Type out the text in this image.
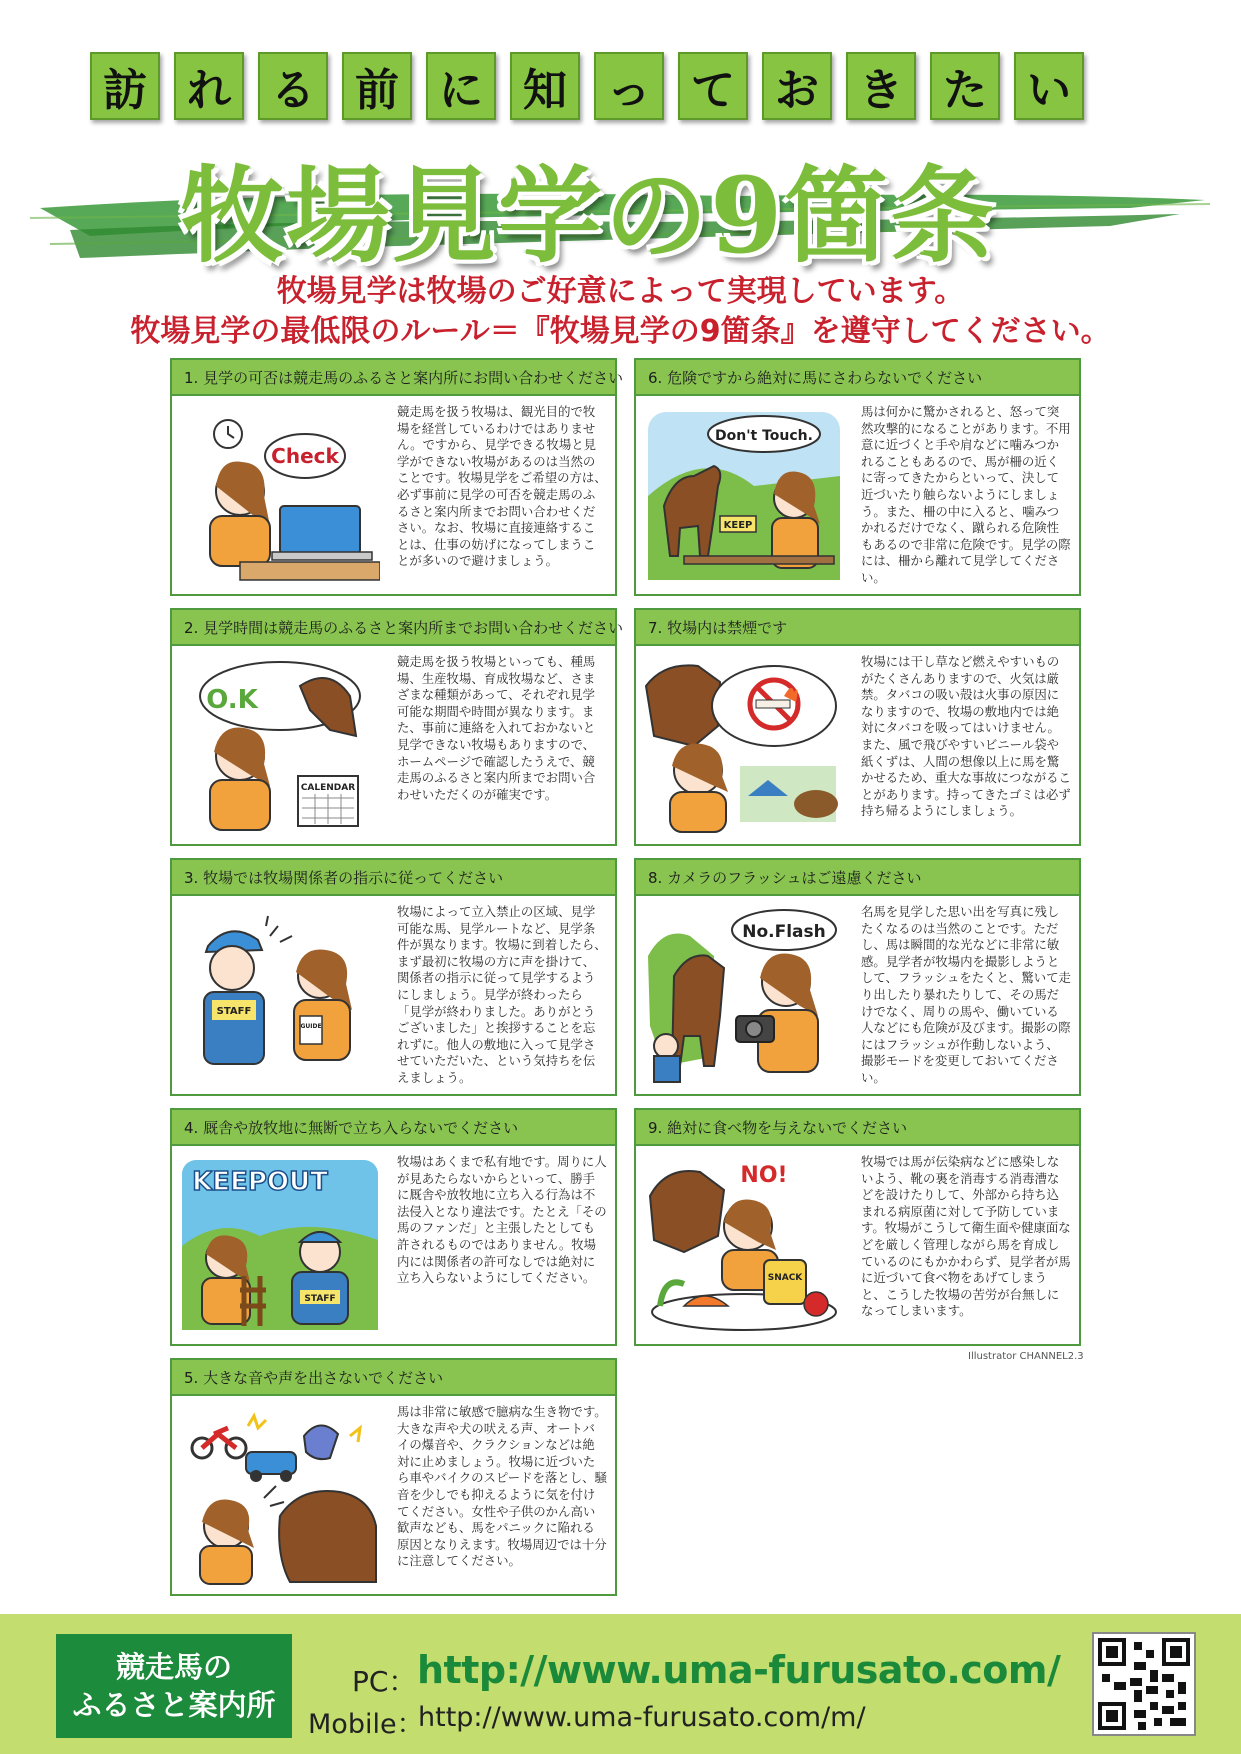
訪 れ る 前 に 知 っ て お き た い
牧場見学の9箇条
牧場見学は牧場のご好意によって実現しています。
牧場見学の最低限のルール＝『牧場見学の9箇条』を遵守してください。
1. 見学の可否は競走馬のふるさと案内所にお問い合わせください
Check
競走馬を扱う牧場は、観光目的で牧場を経営しているわけではありません。ですから、見学できる牧場と見学ができない牧場があるのは当然のことです。牧場見学をご希望の方は、必ず事前に見学の可否を競走馬のふるさと案内所までお問い合わせください。なお、牧場に直接連絡することは、仕事の妨げになってしまうことが多いので避けましょう。
6. 危険ですから絶対に馬にさわらないでください
Don't Touch.
KEEP
馬は何かに驚かされると、怒って突然攻撃的になることがあります。不用意に近づくと手や肩などに噛みつかれることもあるので、馬が柵の近くに寄ってきたからといって、決して近づいたり触らないようにしましょう。また、柵の中に入ると、噛みつかれるだけでなく、蹴られる危険性もあるので非常に危険です。見学の際には、柵から離れて見学してください。
2. 見学時間は競走馬のふるさと案内所までお問い合わせください
O.K
CALENDAR
競走馬を扱う牧場といっても、種馬場、生産牧場、育成牧場など、さまざまな種類があって、それぞれ見学可能な期間や時間が異なります。また、事前に連絡を入れておかないと見学できない牧場もありますので、ホームページで確認したうえで、競走馬のふるさと案内所までお問い合わせいただくのが確実です。
7. 牧場内は禁煙です
牧場には干し草など燃えやすいものがたくさんありますので、火気は厳禁。タバコの吸い殻は火事の原因になりますので、牧場の敷地内では絶対にタバコを吸ってはいけません。また、風で飛びやすいビニール袋や紙くずは、人間の想像以上に馬を驚かせるため、重大な事故につながることがあります。持ってきたゴミは必ず持ち帰るようにしましょう。
3. 牧場では牧場関係者の指示に従ってください
STAFF
GUIDE
牧場によって立入禁止の区域、見学可能な馬、見学ルートなど、見学条件が異なります。牧場に到着したら、まず最初に牧場の方に声を掛けて、関係者の指示に従って見学するようにしましょう。見学が終わったら「見学が終わりました。ありがとうございました」と挨拶することを忘れずに。他人の敷地に入って見学させていただいた、という気持ちを伝えましょう。
8. カメラのフラッシュはご遠慮ください
No.Flash
名馬を見学した思い出を写真に残したくなるのは当然のことです。ただし、馬は瞬間的な光などに非常に敏感。見学者が牧場内を撮影しようとして、フラッシュをたくと、驚いて走り出したり暴れたりして、その馬だけでなく、周りの馬や、働いている人などにも危険が及びます。撮影の際にはフラッシュが作動しないよう、撮影モードを変更しておいてください。
4. 厩舎や放牧地に無断で立ち入らないでください
KEEPOUT
STAFF
牧場はあくまで私有地です。周りに人が見あたらないからといって、勝手に厩舎や放牧地に立ち入る行為は不法侵入となり違法です。たとえ「その馬のファンだ」と主張したとしても許されるものではありません。牧場内には関係者の許可なしでは絶対に立ち入らないようにしてください。
9. 絶対に食べ物を与えないでください
NO!
SNACK
牧場では馬が伝染病などに感染しないよう、靴の裏を消毒する消毒漕などを設けたりして、外部から持ち込まれる病原菌に対して予防しています。牧場がこうして衛生面や健康面などを厳しく管理しながら馬を育成しているのにもかかわらず、見学者が馬に近づいて食べ物をあげてしまうと、こうした牧場の苦労が台無しになってしまいます。
Illustrator CHANNEL2.3
5. 大きな音や声を出さないでください
馬は非常に敏感で臆病な生き物です。大きな声や犬の吠える声、オートバイの爆音や、クラクションなどは絶対に止めましょう。牧場に近づいたら車やバイクのスピードを落とし、騒音を少しでも抑えるように気を付けてください。女性や子供のかん高い歓声なども、馬をパニックに陥れる原因となりえます。牧場周辺では十分に注意してください。
競走馬の
ふるさと案内所
PC： http://www.uma-furusato.com/
Mobile：
http://www.uma-furusato.com/m/
